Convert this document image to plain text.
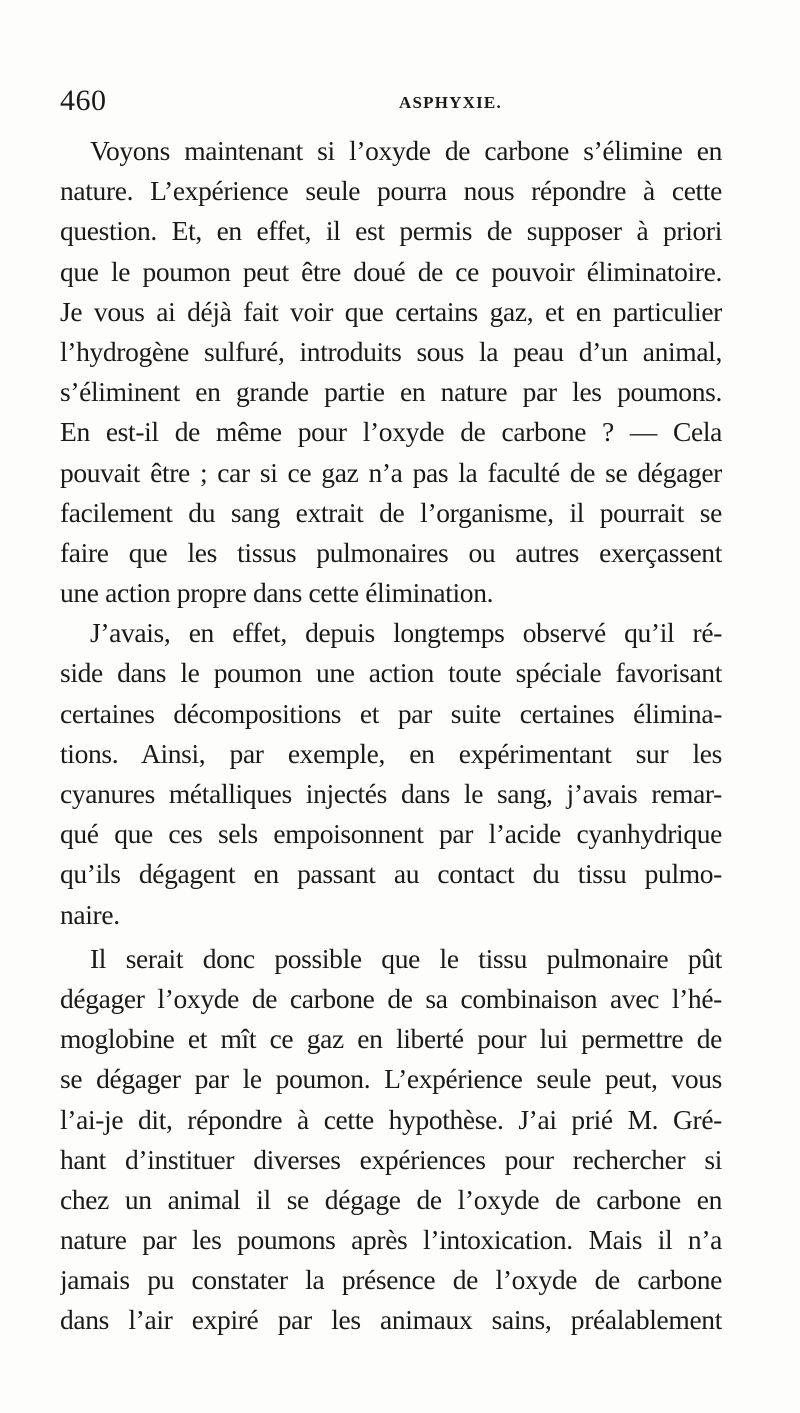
460	ASPHYXIE.
Voyons maintenant si l’oxyde de carbone s’élimine en
nature. L’expérience seule pourra nous répondre à cette
question. Et, en effet, il est permis de supposer à priori
que le poumon peut être doué de ce pouvoir éliminatoire.
Je vous ai déjà fait voir que certains gaz, et en particulier
l’hydrogène sulfuré, introduits sous la peau d’un animal,
s’éliminent en grande partie en nature par les poumons.
En est-il de même pour l’oxyde de carbone ? — Cela
pouvait être ; car si ce gaz n’a pas la faculté de se dégager
facilement du sang extrait de l’organisme, il pourrait se
faire que les tissus pulmonaires ou autres exerçassent
une action propre dans cette élimination.
J’avais, en effet, depuis longtemps observé qu’il ré-
side dans le poumon une action toute spéciale favorisant
certaines décompositions et par suite certaines élimina-
tions. Ainsi, par exemple, en expérimentant sur les
cyanures métalliques injectés dans le sang, j’avais remar-
qué que ces sels empoisonnent par l’acide cyanhydrique
qu’ils dégagent en passant au contact du tissu pulmo-
naire.
Il serait donc possible que le tissu pulmonaire pût
dégager l’oxyde de carbone de sa combinaison avec l’hé-
moglobine et mît ce gaz en liberté pour lui permettre de
se dégager par le poumon. L’expérience seule peut, vous
l’ai-je dit, répondre à cette hypothèse. J’ai prié M. Gré-
hant d’instituer diverses expériences pour rechercher si
chez un animal il se dégage de l’oxyde de carbone en
nature par les poumons après l’intoxication. Mais il n’a
jamais pu constater la présence de l’oxyde de carbone
dans l’air expiré par les animaux sains, préalablement
